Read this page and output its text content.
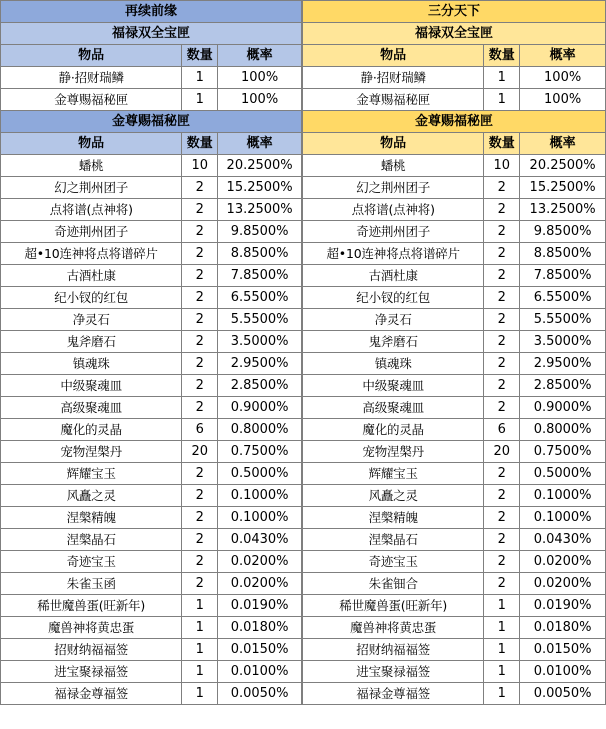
再续前缘		
福禄双全宝匣		
物品	数量	概率
静·招财瑞鳞	1	100%
金尊赐福秘匣	1	100%
金尊赐福秘匣		
物品	数量	概率
蟠桃	10	20.2500%
幻之荆州团子	2	15.2500%
点将谱(点神将)	2	13.2500%
奇迹荆州团子	2	9.8500%
超•10连神将点将谱碎片	2	8.8500%
古酒杜康	2	7.8500%
纪小钗的红包	2	6.5500%
净灵石	2	5.5500%
鬼斧磨石	2	3.5000%
镇魂珠	2	2.9500%
中级聚魂皿	2	2.8500%
高级聚魂皿	2	0.9000%
魔化的灵晶	6	0.8000%
宠物涅槃丹	20	0.7500%
辉耀宝玉	2	0.5000%
风矗之灵	2	0.1000%
涅槃精魄	2	0.1000%
涅槃晶石	2	0.0430%
奇迹宝玉	2	0.0200%
朱雀玉函	2	0.0200%
稀世魔兽蛋(旺新年)	1	0.0190%
魔兽神将黄忠蛋	1	0.0180%
招财纳福福签	1	0.0150%
进宝聚禄福签	1	0.0100%
福禄金尊福签	1	0.0050%
三分天下		
福禄双全宝匣		
物品	数量	概率
静·招财瑞鳞	1	100%
金尊赐福秘匣	1	100%
金尊赐福秘匣		
物品	数量	概率
蟠桃	10	20.2500%
幻之荆州团子	2	15.2500%
点将谱(点神将)	2	13.2500%
奇迹荆州团子	2	9.8500%
超•10连神将点将谱碎片	2	8.8500%
古酒杜康	2	7.8500%
纪小钗的红包	2	6.5500%
净灵石	2	5.5500%
鬼斧磨石	2	3.5000%
镇魂珠	2	2.9500%
中级聚魂皿	2	2.8500%
高级聚魂皿	2	0.9000%
魔化的灵晶	6	0.8000%
宠物涅槃丹	20	0.7500%
辉耀宝玉	2	0.5000%
风矗之灵	2	0.1000%
涅槃精魄	2	0.1000%
涅槃晶石	2	0.0430%
奇迹宝玉	2	0.0200%
朱雀钿合	2	0.0200%
稀世魔兽蛋(旺新年)	1	0.0190%
魔兽神将黄忠蛋	1	0.0180%
招财纳福福签	1	0.0150%
进宝聚禄福签	1	0.0100%
福禄金尊福签	1	0.0050%
